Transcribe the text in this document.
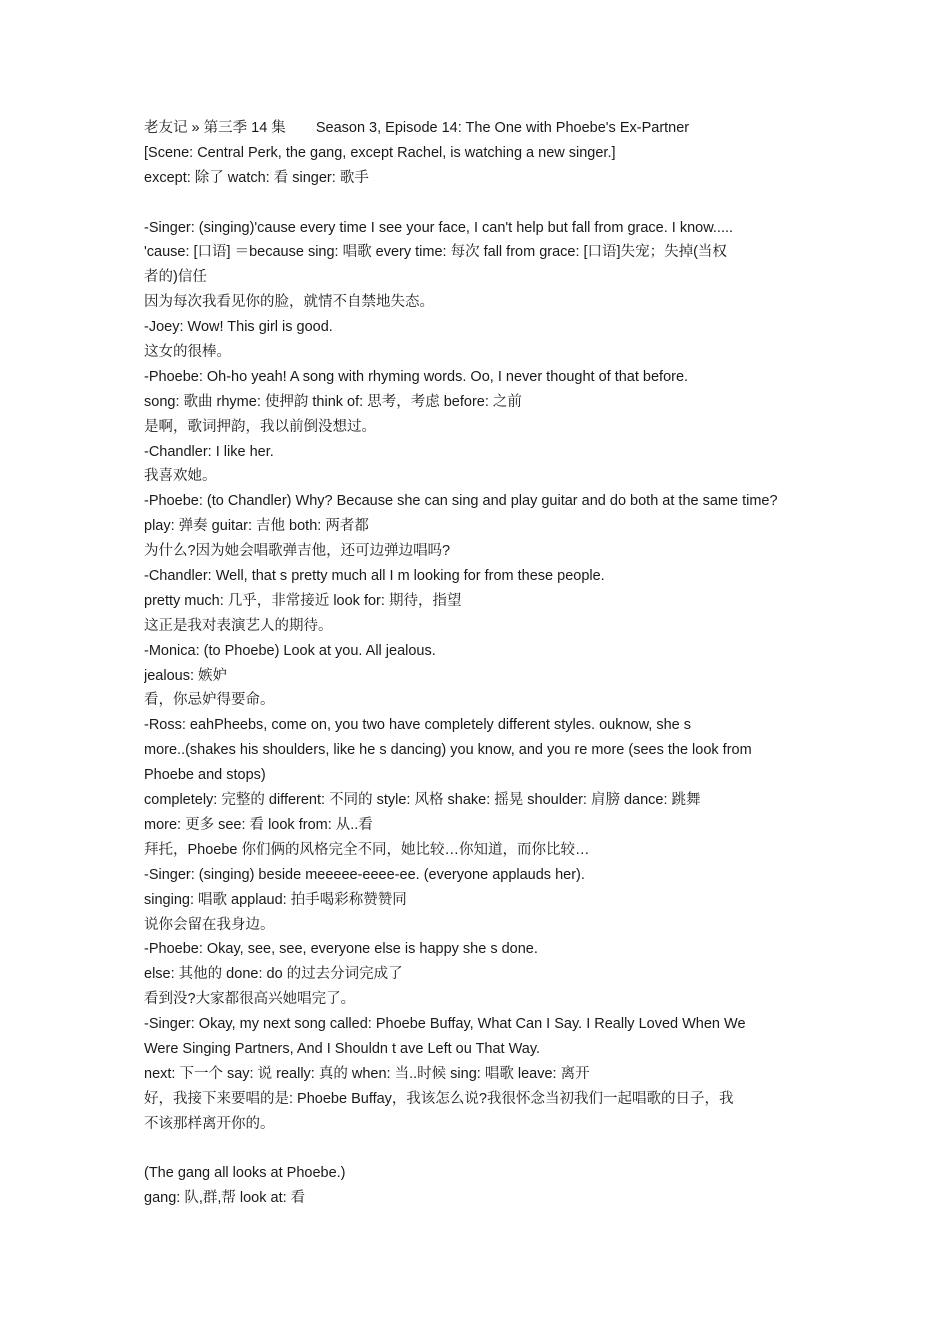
老友记 » 第三季 14 集 Season 3, Episode 14: The One with Phoebe's Ex-Partner
[Scene: Central Perk, the gang, except Rachel, is watching a new singer.]
except: 除了 watch: 看 singer: 歌手
-Singer: (singing)'cause every time I see your face, I can't help but fall from grace. I know.....
'cause: [口语] ＝because sing: 唱歌 every time: 每次 fall from grace: [口语]失宠；失掉(当权
者的)信任
因为每次我看见你的脸，就情不自禁地失态。
-Joey: Wow! This girl is good.
这女的很棒。
-Phoebe: Oh-ho yeah! A song with rhyming words. Oo, I never thought of that before.
song: 歌曲 rhyme: 使押韵 think of: 思考，考虑 before: 之前
是啊，歌词押韵，我以前倒没想过。
-Chandler: I like her.
我喜欢她。
-Phoebe: (to Chandler) Why? Because she can sing and play guitar and do both at the same time?
play: 弹奏 guitar: 吉他 both: 两者都
为什么?因为她会唱歌弹吉他，还可边弹边唱吗?
-Chandler: Well, that s pretty much all I m looking for from these people.
pretty much: 几乎，非常接近 look for: 期待，指望
这正是我对表演艺人的期待。
-Monica: (to Phoebe) Look at you. All jealous.
jealous: 嫉妒
看，你忌妒得要命。
-Ross: eahPheebs, come on, you two have completely different styles. ouknow, she s
more..(shakes his shoulders, like he s dancing) you know, and you re more (sees the look from
Phoebe and stops)
completely: 完整的 different: 不同的 style: 风格 shake: 摇晃 shoulder: 肩膀 dance: 跳舞
more: 更多 see: 看 look from: 从..看
拜托，Phoebe 你们俩的风格完全不同，她比较…你知道，而你比较…
-Singer: (singing) beside meeeee-eeee-ee. (everyone applauds her).
singing: 唱歌 applaud: 拍手喝彩称赞赞同
说你会留在我身边。
-Phoebe: Okay, see, see, everyone else is happy she s done.
else: 其他的 done: do 的过去分词完成了
看到没?大家都很高兴她唱完了。
-Singer: Okay, my next song called: Phoebe Buffay, What Can I Say. I Really Loved When We
Were Singing Partners, And I Shouldn t ave Left ou That Way.
next: 下一个 say: 说 really: 真的 when: 当..时候 sing: 唱歌 leave: 离开
好，我接下来要唱的是: Phoebe Buffay，我该怎么说?我很怀念当初我们一起唱歌的日子，我
不该那样离开你的。
(The gang all looks at Phoebe.)
gang: 队,群,帮 look at: 看
